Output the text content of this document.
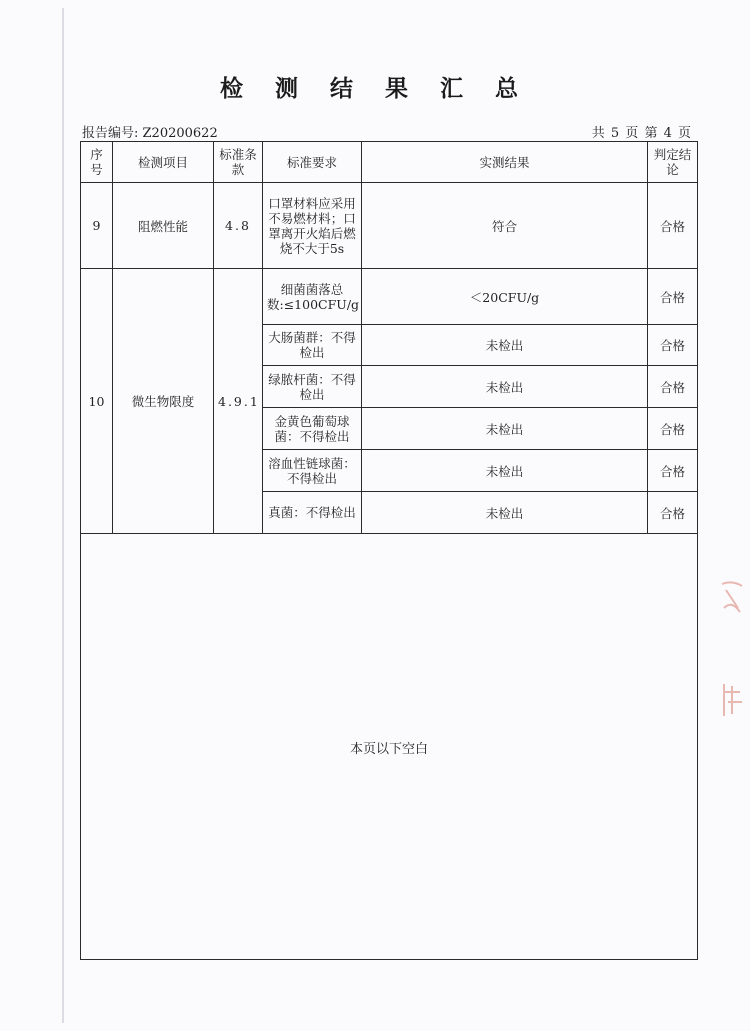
检 测 结 果 汇 总
报告编号: Z20200622	共 5 页 第 4 页
序号	检测项目	标准条款	标准要求	实测结果	判定结论
9	阻燃性能	4.8	口罩材料应采用不易燃材料；口罩离开火焰后燃烧不大于5s	符合	合格
10	微生物限度	4.9.1	细菌菌落总数:≤100CFU/g	＜20CFU/g	合格
			大肠菌群：不得检出	未检出	合格
			绿脓杆菌：不得检出	未检出	合格
			金黄色葡萄球菌：不得检出	未检出	合格
			溶血性链球菌：不得检出	未检出	合格
			真菌：不得检出	未检出	合格
本页以下空白
